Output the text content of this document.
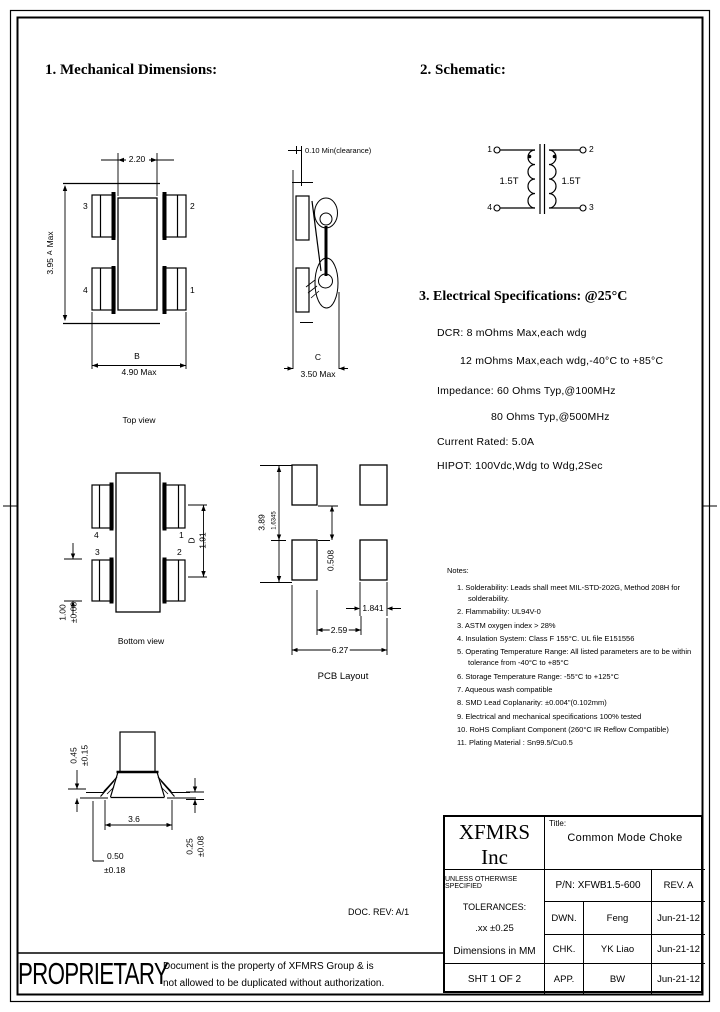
1. Mechanical Dimensions:	2. Schematic:
3. Electrical Specifications: @25°C
2.20
3.95
A
Max
B
4.90 Max
3	2
4	1
Top view
0.10 Min(clearance)
C
3.50 Max
1	2
4	3
1.5T	1.5T
DCR: 8 mOhms Max,each wdg
12 mOhms Max,each wdg,-40°C to +85°C
Impedance: 60 Ohms Typ,@100MHz
80 Ohms Typ,@500MHz
Current Rated: 5.0A
HIPOT: 100Vdc,Wdg to Wdg,2Sec
4	1
3	2
D 1.91
1.00 ±0.08
Bottom view
3.89 1.6345
0.508
1.841
2.59
6.27
PCB Layout
0.45 ±0.15
3.6
0.50
±0.18
0.25 ±0.08
Notes:
1. Solderability: Leads shall meet MIL-STD-202G, Method 208H for solderability.
2. Flammability: UL94V-0
3. ASTM oxygen index > 28%
4. Insulation System: Class F 155°C. UL file E151556
5. Operating Temperature Range: All listed parameters are to be within tolerance from -40°C to +85°C
6. Storage Temperature Range: -55°C to +125°C
7. Aqueous wash compatible
8. SMD Lead Coplanarity: ±0.004"(0.102mm)
9. Electrical and mechanical specifications 100% tested
10. RoHS Compliant Component (260°C IR Reflow Compatible)
11. Plating Material : Sn99.5/Cu0.5
DOC. REV: A/1
XFMRS Inc
Title:
Common Mode Choke
UNLESS OTHERWISE SPECIFIED
TOLERANCES:
.xx ±0.25
Dimensions in MM
SHT 1 OF 2
P/N: XFWB1.5-600	REV. A
DWN.	Feng	Jun-21-12
CHK.	YK Liao	Jun-21-12
APP.	BW	Jun-21-12
PROPRIETARY
Document is the property of XFMRS Group & is
not allowed to be duplicated without authorization.
